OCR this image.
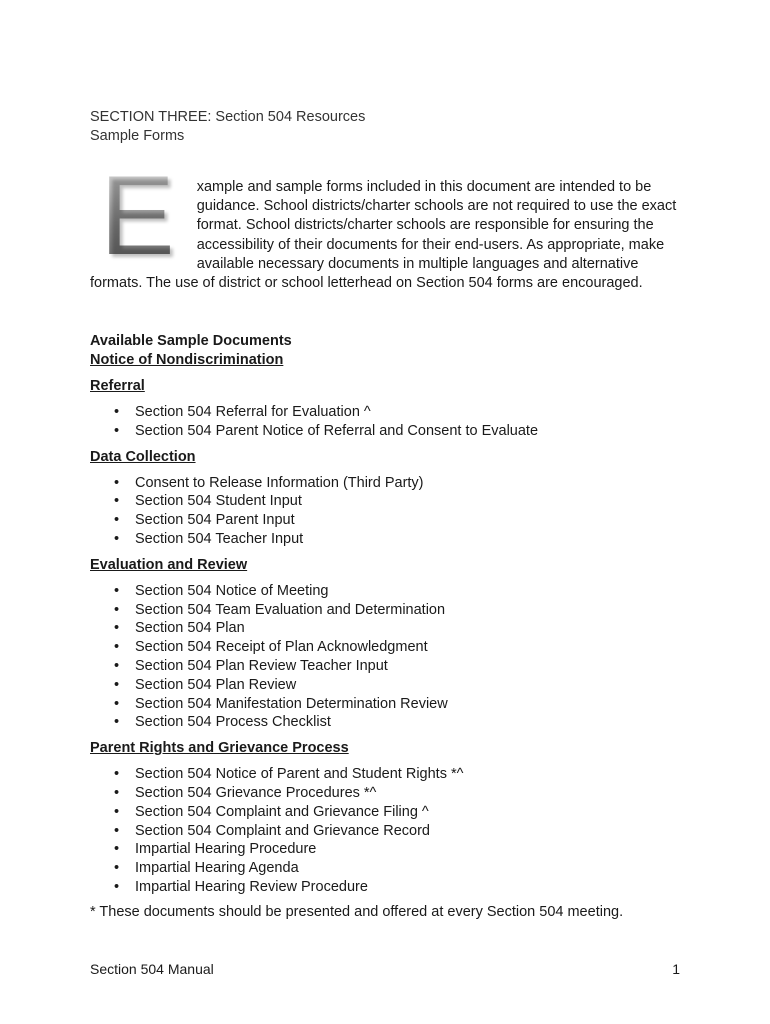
SECTION THREE: Section 504 Resources
Sample Forms
E xample and sample forms included in this document are intended to be guidance. School districts/charter schools are not required to use the exact format. School districts/charter schools are responsible for ensuring the accessibility of their documents for their end-users. As appropriate, make available necessary documents in multiple languages and alternative formats. The use of district or school letterhead on Section 504 forms are encouraged.
Available Sample Documents
Notice of Nondiscrimination
Referral
• Section 504 Referral for Evaluation ^
• Section 504 Parent Notice of Referral and Consent to Evaluate
Data Collection
• Consent to Release Information (Third Party)
• Section 504 Student Input
• Section 504 Parent Input
• Section 504 Teacher Input
Evaluation and Review
• Section 504 Notice of Meeting
• Section 504 Team Evaluation and Determination
• Section 504 Plan
• Section 504 Receipt of Plan Acknowledgment
• Section 504 Plan Review Teacher Input
• Section 504 Plan Review
• Section 504 Manifestation Determination Review
• Section 504 Process Checklist
Parent Rights and Grievance Process
• Section 504 Notice of Parent and Student Rights *^
• Section 504 Grievance Procedures *^
• Section 504 Complaint and Grievance Filing ^
• Section 504 Complaint and Grievance Record
• Impartial Hearing Procedure
• Impartial Hearing Agenda
• Impartial Hearing Review Procedure
* These documents should be presented and offered at every Section 504 meeting.
Section 504 Manual	1
